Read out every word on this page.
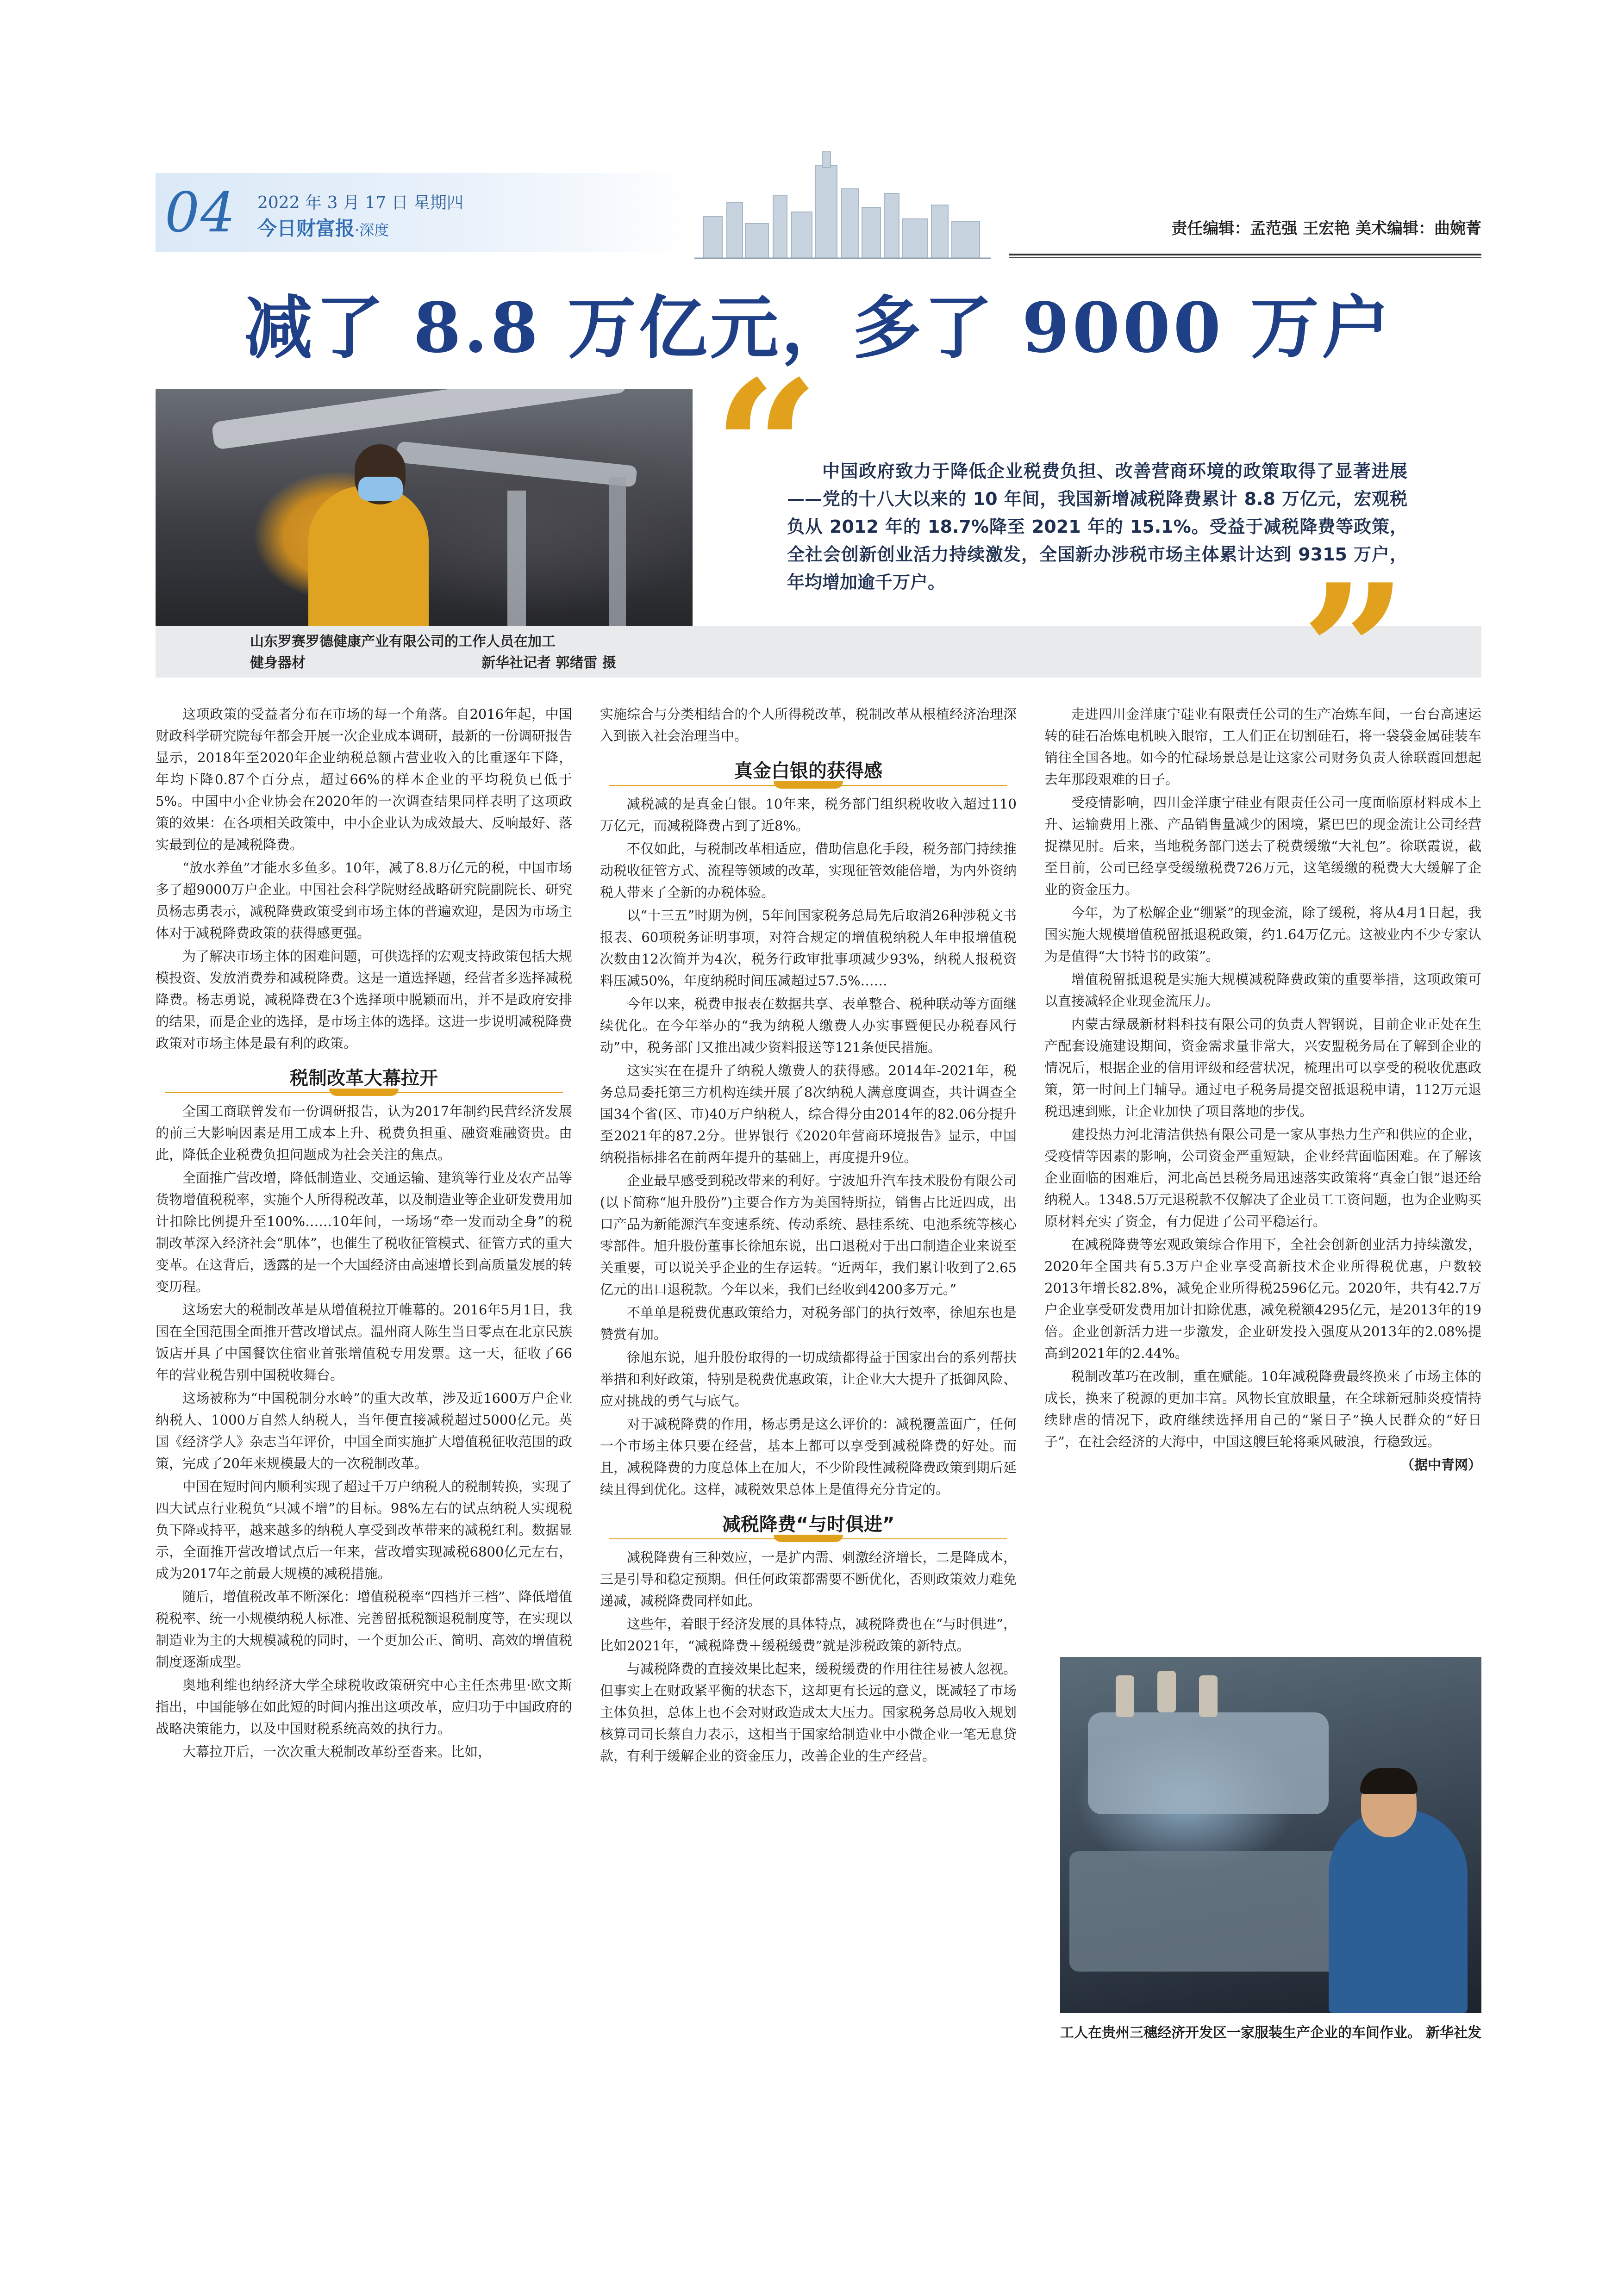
04	2022 年 3 月 17 日 星期四
今日财富报·深度	责任编辑：孟范强 王宏艳 美术编辑：曲婉菁
减了 8.8 万亿元，多了 9000 万户
山东罗赛罗德健康产业有限公司的工作人员在加工
健身器材	新华社记者 郭绪雷 摄
“ 中国政府致力于降低企业税费负担、改善营商环境的政策取得了显著进展——党的十八大以来的 10 年间，我国新增减税降费累计 8.8 万亿元，宏观税负从 2012 年的 18.7%降至 2021 年的 15.1%。受益于减税降费等政策，全社会创新创业活力持续激发，全国新办涉税市场主体累计达到 9315 万户，年均增加逾千万户。	”

这项政策的受益者分布在市场的每一个角落。自2016年起，中国财政科学研究院每年都会开展一次企业成本调研，最新的一份调研报告显示，2018年至2020年企业纳税总额占营业收入的比重逐年下降，年均下降0.87个百分点，超过66%的样本企业的平均税负已低于5%。中国中小企业协会在2020年的一次调查结果同样表明了这项政策的效果：在各项相关政策中，中小企业认为成效最大、反响最好、落实最到位的是减税降费。

“放水养鱼”才能水多鱼多。10年，减了8.8万亿元的税，中国市场多了超9000万户企业。中国社会科学院财经战略研究院副院长、研究员杨志勇表示，减税降费政策受到市场主体的普遍欢迎，是因为市场主体对于减税降费政策的获得感更强。

为了解决市场主体的困难问题，可供选择的宏观支持政策包括大规模投资、发放消费券和减税降费。这是一道选择题，经营者多选择减税降费。杨志勇说，减税降费在3个选择项中脱颖而出，并不是政府安排的结果，而是企业的选择，是市场主体的选择。这进一步说明减税降费政策对市场主体是最有利的政策。

税制改革大幕拉开

全国工商联曾发布一份调研报告，认为2017年制约民营经济发展的前三大影响因素是用工成本上升、税费负担重、融资难融资贵。由此，降低企业税费负担问题成为社会关注的焦点。

全面推广营改增，降低制造业、交通运输、建筑等行业及农产品等货物增值税税率，实施个人所得税改革，以及制造业等企业研发费用加计扣除比例提升至100%……10年间，一场场“牵一发而动全身”的税制改革深入经济社会“肌体”，也催生了税收征管模式、征管方式的重大变革。在这背后，透露的是一个大国经济由高速增长到高质量发展的转变历程。

这场宏大的税制改革是从增值税拉开帷幕的。2016年5月1日，我国在全国范围全面推开营改增试点。温州商人陈生当日零点在北京民族饭店开具了中国餐饮住宿业首张增值税专用发票。这一天，征收了66年的营业税告别中国税收舞台。

这场被称为“中国税制分水岭”的重大改革，涉及近1600万户企业纳税人、1000万自然人纳税人，当年便直接减税超过5000亿元。英国《经济学人》杂志当年评价，中国全面实施扩大增值税征收范围的政策，完成了20年来规模最大的一次税制改革。

中国在短时间内顺利实现了超过千万户纳税人的税制转换，实现了四大试点行业税负“只减不增”的目标。98%左右的试点纳税人实现税负下降或持平，越来越多的纳税人享受到改革带来的减税红利。数据显示，全面推开营改增试点后一年来，营改增实现减税6800亿元左右，成为2017年之前最大规模的减税措施。

随后，增值税改革不断深化：增值税税率“四档并三档”、降低增值税税率、统一小规模纳税人标准、完善留抵税额退税制度等，在实现以制造业为主的大规模减税的同时，一个更加公正、简明、高效的增值税制度逐渐成型。

奥地利维也纳经济大学全球税收政策研究中心主任杰弗里·欧文斯指出，中国能够在如此短的时间内推出这项改革，应归功于中国政府的战略决策能力，以及中国财税系统高效的执行力。

大幕拉开后，一次次重大税制改革纷至沓来。比如，

实施综合与分类相结合的个人所得税改革，税制改革从根植经济治理深入到嵌入社会治理当中。

真金白银的获得感

减税减的是真金白银。10年来，税务部门组织税收收入超过110万亿元，而减税降费占到了近8%。

不仅如此，与税制改革相适应，借助信息化手段，税务部门持续推动税收征管方式、流程等领域的改革，实现征管效能倍增，为内外资纳税人带来了全新的办税体验。

以“十三五”时期为例，5年间国家税务总局先后取消26种涉税文书报表、60项税务证明事项，对符合规定的增值税纳税人年申报增值税次数由12次简并为4次，税务行政审批事项减少93%，纳税人报税资料压减50%，年度纳税时间压减超过57.5%……

今年以来，税费申报表在数据共享、表单整合、税种联动等方面继续优化。在今年举办的“我为纳税人缴费人办实事暨便民办税春风行动”中，税务部门又推出减少资料报送等121条便民措施。

这实实在在提升了纳税人缴费人的获得感。2014年-2021年，税务总局委托第三方机构连续开展了8次纳税人满意度调查，共计调查全国34个省(区、市)40万户纳税人，综合得分由2014年的82.06分提升至2021年的87.2分。世界银行《2020年营商环境报告》显示，中国纳税指标排名在前两年提升的基础上，再度提升9位。

企业最早感受到税改带来的利好。宁波旭升汽车技术股份有限公司(以下简称“旭升股份”)主要合作方为美国特斯拉，销售占比近四成，出口产品为新能源汽车变速系统、传动系统、悬挂系统、电池系统等核心零部件。旭升股份董事长徐旭东说，出口退税对于出口制造企业来说至关重要，可以说关乎企业的生存运转。“近两年，我们累计收到了2.65亿元的出口退税款。今年以来，我们已经收到4200多万元。”

不单单是税费优惠政策给力，对税务部门的执行效率，徐旭东也是赞赏有加。

徐旭东说，旭升股份取得的一切成绩都得益于国家出台的系列帮扶举措和利好政策，特别是税费优惠政策，让企业大大提升了抵御风险、应对挑战的勇气与底气。

对于减税降费的作用，杨志勇是这么评价的：减税覆盖面广，任何一个市场主体只要在经营，基本上都可以享受到减税降费的好处。而且，减税降费的力度总体上在加大，不少阶段性减税降费政策到期后延续且得到优化。这样，减税效果总体上是值得充分肯定的。

减税降费“与时俱进”

减税降费有三种效应，一是扩内需、刺激经济增长，二是降成本，三是引导和稳定预期。但任何政策都需要不断优化，否则政策效力难免递减，减税降费同样如此。

这些年，着眼于经济发展的具体特点，减税降费也在“与时俱进”，比如2021年，“减税降费＋缓税缓费”就是涉税政策的新特点。

与减税降费的直接效果比起来，缓税缓费的作用往往易被人忽视。但事实上在财政紧平衡的状态下，这却更有长远的意义，既减轻了市场主体负担，总体上也不会对财政造成太大压力。国家税务总局收入规划核算司司长蔡自力表示，这相当于国家给制造业中小微企业一笔无息贷款，有利于缓解企业的资金压力，改善企业的生产经营。

走进四川金洋康宁硅业有限责任公司的生产冶炼车间，一台台高速运转的硅石冶炼电机映入眼帘，工人们正在切割硅石，将一袋袋金属硅装车销往全国各地。如今的忙碌场景总是让这家公司财务负责人徐联霞回想起去年那段艰难的日子。

受疫情影响，四川金洋康宁硅业有限责任公司一度面临原材料成本上升、运输费用上涨、产品销售量减少的困境，紧巴巴的现金流让公司经营捉襟见肘。后来，当地税务部门送去了税费缓缴“大礼包”。徐联霞说，截至目前，公司已经享受缓缴税费726万元，这笔缓缴的税费大大缓解了企业的资金压力。

今年，为了松解企业“绷紧”的现金流，除了缓税，将从4月1日起，我国实施大规模增值税留抵退税政策，约1.64万亿元。这被业内不少专家认为是值得“大书特书的政策”。

增值税留抵退税是实施大规模减税降费政策的重要举措，这项政策可以直接减轻企业现金流压力。

内蒙古绿晟新材料科技有限公司的负责人智钢说，目前企业正处在生产配套设施建设期间，资金需求量非常大，兴安盟税务局在了解到企业的情况后，根据企业的信用评级和经营状况，梳理出可以享受的税收优惠政策，第一时间上门辅导。通过电子税务局提交留抵退税申请，112万元退税迅速到账，让企业加快了项目落地的步伐。

建投热力河北清洁供热有限公司是一家从事热力生产和供应的企业，受疫情等因素的影响，公司资金严重短缺，企业经营面临困难。在了解该企业面临的困难后，河北高邑县税务局迅速落实政策将“真金白银”退还给纳税人。1348.5万元退税款不仅解决了企业员工工资问题，也为企业购买原材料充实了资金，有力促进了公司平稳运行。

在减税降费等宏观政策综合作用下，全社会创新创业活力持续激发，2020年全国共有5.3万户企业享受高新技术企业所得税优惠，户数较2013年增长82.8%，减免企业所得税2596亿元。2020年，共有42.7万户企业享受研发费用加计扣除优惠，减免税额4295亿元，是2013年的19倍。企业创新活力进一步激发，企业研发投入强度从2013年的2.08%提高到2021年的2.44%。

税制改革巧在改制，重在赋能。10年减税降费最终换来了市场主体的成长，换来了税源的更加丰富。风物长宜放眼量，在全球新冠肺炎疫情持续肆虐的情况下，政府继续选择用自己的“紧日子”换人民群众的“好日子”，在社会经济的大海中，中国这艘巨轮将乘风破浪，行稳致远。

（据中青网）

工人在贵州三穗经济开发区一家服装生产企业的车间作业。 新华社发
